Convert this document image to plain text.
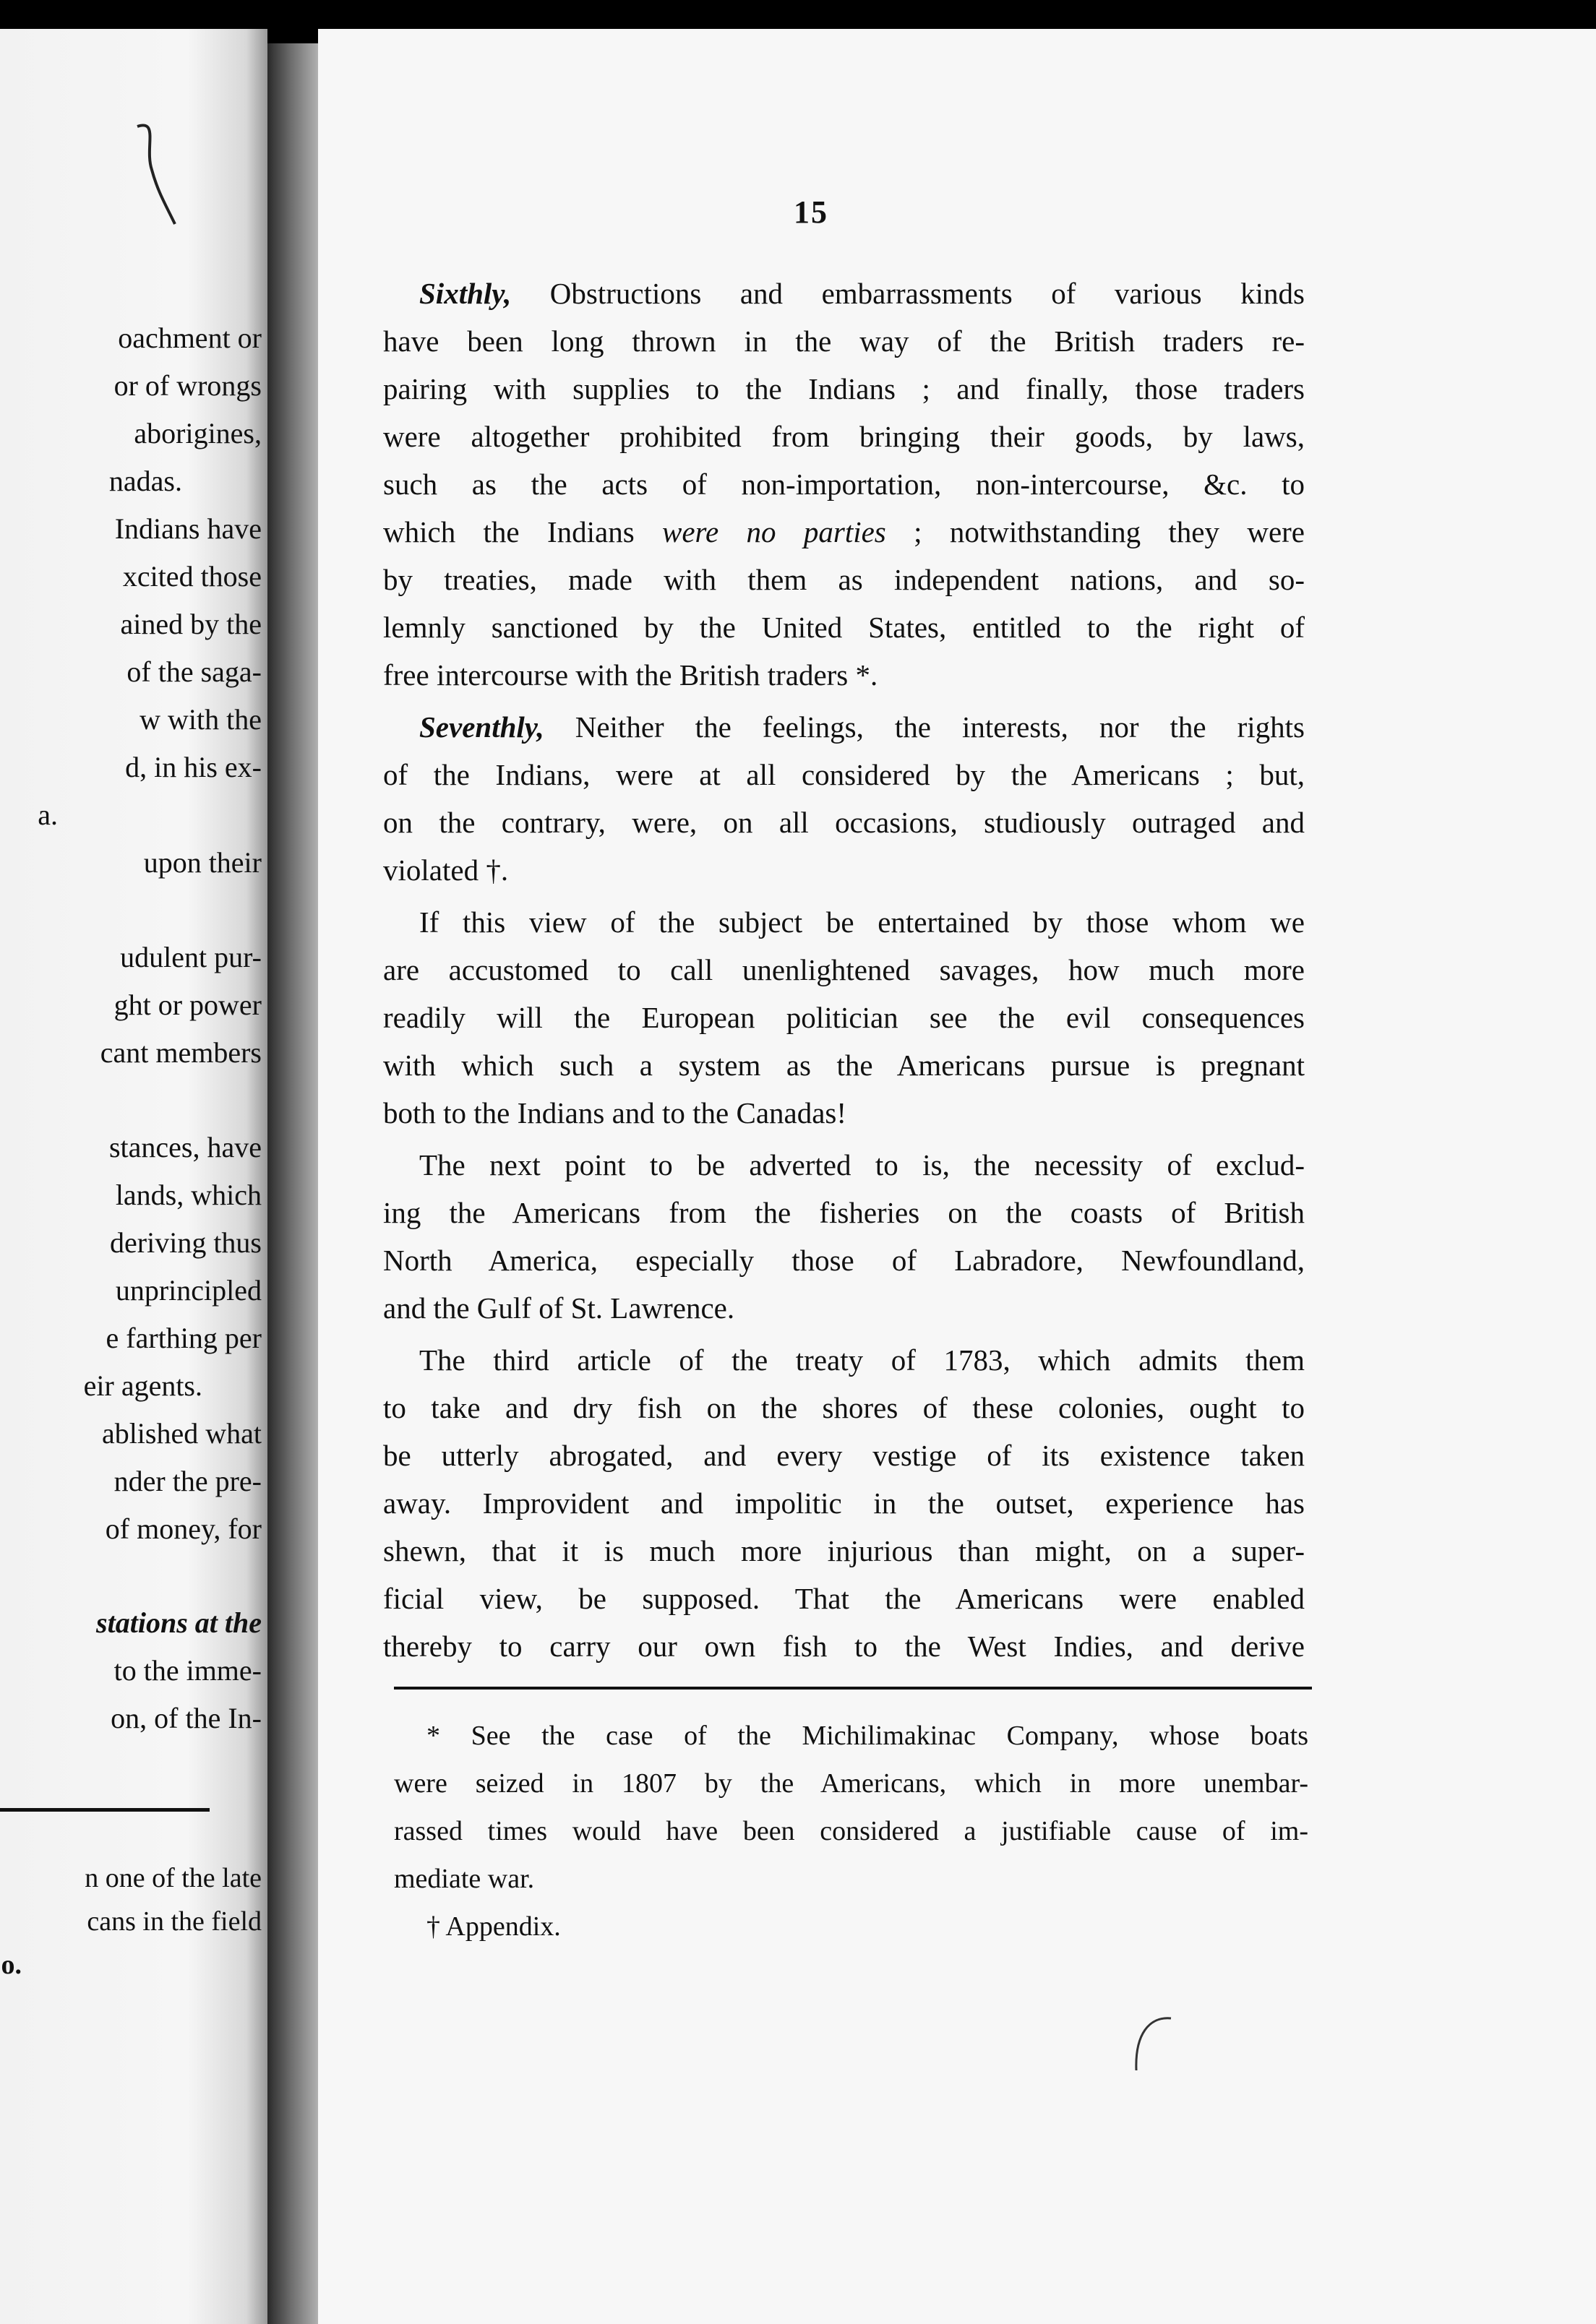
oachment or
or of wrongs
aborigines,
nadas.
Indians have
xcited those
ained by the
of the saga-
w with the
d, in his ex-
a.
upon their
udulent pur-
ght or power
cant members
stances, have
lands, which
deriving thus
unprincipled
e farthing per
eir agents.
ablished what
nder the pre-
of money, for
stations at the
to the imme-
on, of the In-
n one of the late
cans in the field
o.
15
Sixthly, Obstructions and embarrassments of various kinds
have been long thrown in the way of the British traders re-
pairing with supplies to the Indians ; and finally, those traders
were altogether prohibited from bringing their goods, by laws,
such as the acts of non-importation, non-intercourse, &c. to
which the Indians were no parties ; notwithstanding they were
by treaties, made with them as independent nations, and so-
lemnly sanctioned by the United States, entitled to the right of
free intercourse with the British traders *.
Seventhly, Neither the feelings, the interests, nor the rights
of the Indians, were at all considered by the Americans ; but,
on the contrary, were, on all occasions, studiously outraged and
violated †.
If this view of the subject be entertained by those whom we
are accustomed to call unenlightened savages, how much more
readily will the European politician see the evil consequences
with which such a system as the Americans pursue is pregnant
both to the Indians and to the Canadas!
The next point to be adverted to is, the necessity of exclud-
ing the Americans from the fisheries on the coasts of British
North America, especially those of Labradore, Newfoundland,
and the Gulf of St. Lawrence.
The third article of the treaty of 1783, which admits them
to take and dry fish on the shores of these colonies, ought to
be utterly abrogated, and every vestige of its existence taken
away. Improvident and impolitic in the outset, experience has
shewn, that it is much more injurious than might, on a super-
ficial view, be supposed. That the Americans were enabled
thereby to carry our own fish to the West Indies, and derive
* See the case of the Michilimakinac Company, whose boats
were seized in 1807 by the Americans, which in more unembar-
rassed times would have been considered a justifiable cause of im-
mediate war.
† Appendix.
